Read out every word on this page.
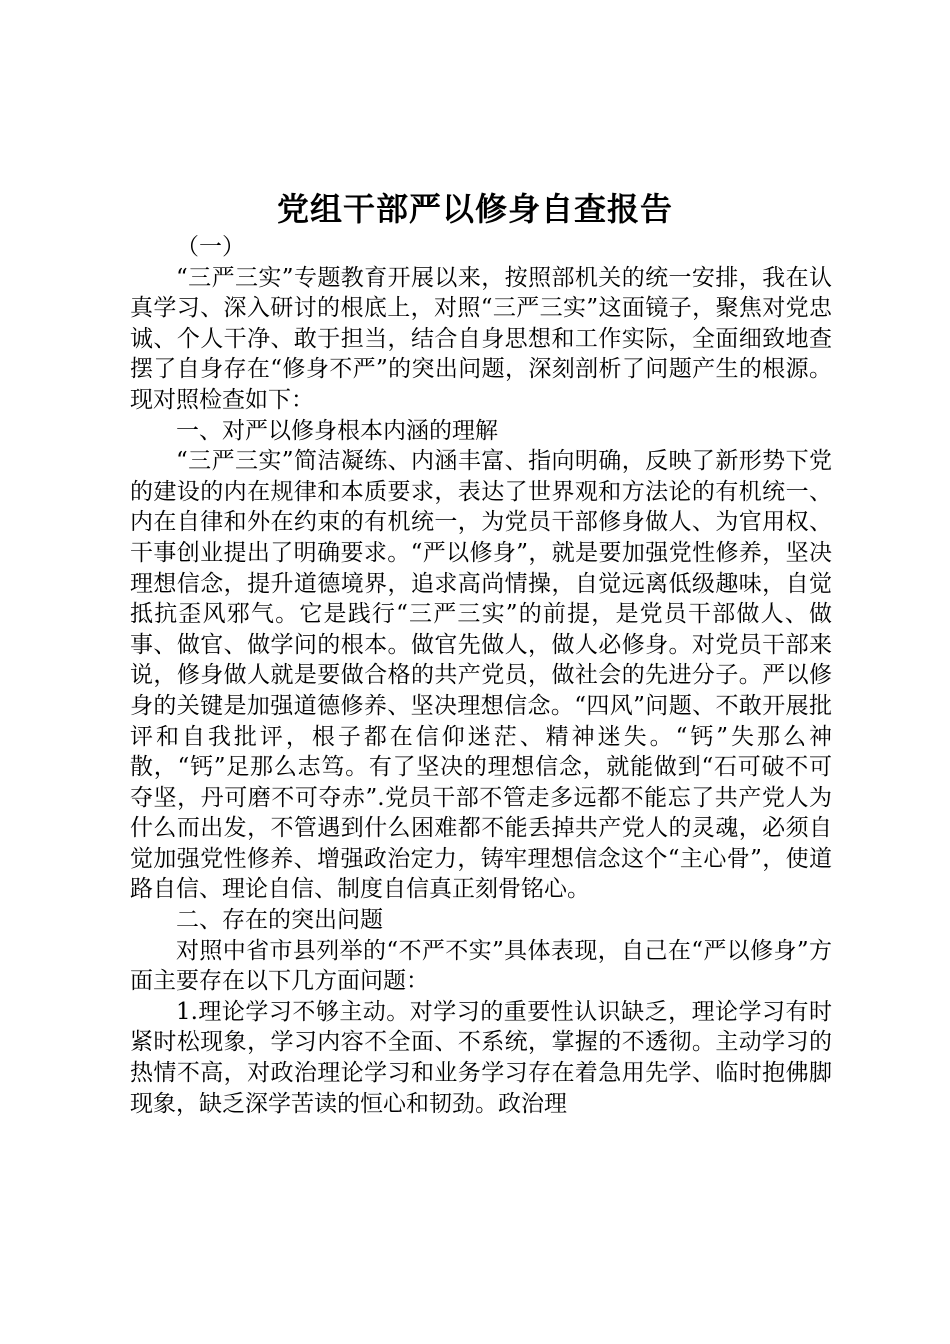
党组干部严以修身自查报告

（一）

“三严三实”专题教育开展以来，按照部机关的统一安排，我在认真学习、深入研讨的根底上，对照“三严三实”这面镜子，聚焦对党忠诚、个人干净、敢于担当，结合自身思想和工作实际，全面细致地查摆了自身存在“修身不严”的突出问题，深刻剖析了问题产生的根源。现对照检查如下：

一、对严以修身根本内涵的理解

“三严三实”简洁凝练、内涵丰富、指向明确，反映了新形势下党的建设的内在规律和本质要求，表达了世界观和方法论的有机统一、内在自律和外在约束的有机统一，为党员干部修身做人、为官用权、干事创业提出了明确要求。“严以修身”，就是要加强党性修养，坚决理想信念，提升道德境界，追求高尚情操，自觉远离低级趣味，自觉抵抗歪风邪气。它是践行“三严三实”的前提，是党员干部做人、做事、做官、做学问的根本。做官先做人，做人必修身。对党员干部来说，修身做人就是要做合格的共产党员，做社会的先进分子。严以修身的关键是加强道德修养、坚决理想信念。“四风”问题、不敢开展批评和自我批评，根子都在信仰迷茫、精神迷失。“钙”失那么神散，“钙”足那么志笃。有了坚决的理想信念，就能做到“石可破不可夺坚，丹可磨不可夺赤”.党员干部不管走多远都不能忘了共产党人为什么而出发，不管遇到什么困难都不能丢掉共产党人的灵魂，必须自觉加强党性修养、增强政治定力，铸牢理想信念这个“主心骨”，使道路自信、理论自信、制度自信真正刻骨铭心。

二、存在的突出问题

对照中省市县列举的“不严不实”具体表现，自己在“严以修身”方面主要存在以下几方面问题：

1.理论学习不够主动。对学习的重要性认识缺乏，理论学习有时紧时松现象，学习内容不全面、不系统，掌握的不透彻。主动学习的热情不高，对政治理论学习和业务学习存在着急用先学、临时抱佛脚现象，缺乏深学苦读的恒心和韧劲。政治理
